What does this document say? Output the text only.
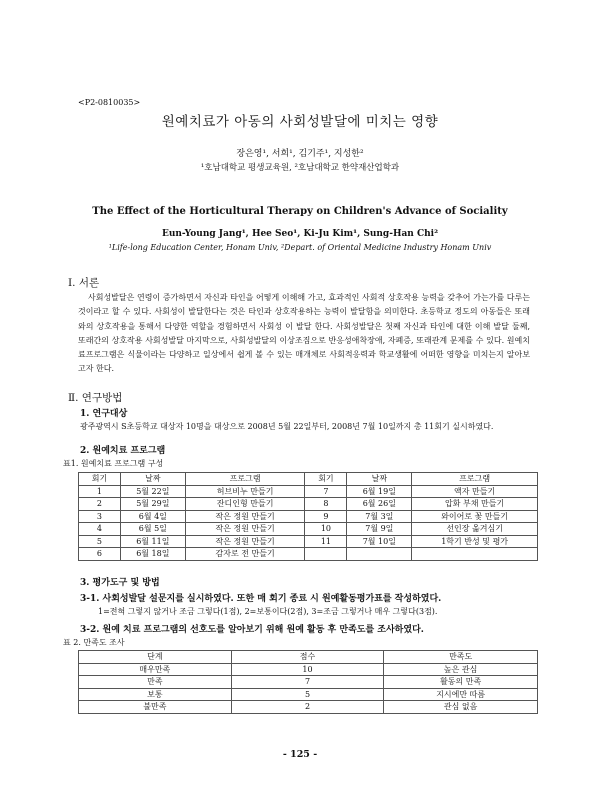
<P2-0810035>
원예치료가 아동의 사회성발달에 미치는 영향
장은영¹, 서희¹, 김기주¹, 지성한²
¹호남대학교 평생교육원, ²호남대학교 한약재산업학과
The Effect of the Horticultural Therapy on Children's Advance of Sociality
Eun-Young Jang¹, Hee Seo¹, Ki-Ju Kim¹, Sung-Han Chi²
¹Life-long Education Center, Honam Univ, ²Depart. of Oriental Medicine Industry Honam Univ
Ⅰ. 서론
사회성발달은 연령이 증가하면서 자신과 타인을 어떻게 이해해 가고, 효과적인 사회적 상호작용 능력을 갖추어 가는가를 다루는 것이라고 할 수 있다. 사회성이 발달한다는 것은 타인과 상호작용하는 능력이 발달함을 의미한다. 초등학교 정도의 아동들은 또래와의 상호작용을 통해서 다양한 역할을 경험하면서 사회성 이 발달 한다. 사회성발달은 첫째 자신과 타인에 대한 이해 발달 둘째, 또래간의 상호작용 사회성발달 마지막으로, 사회성발달의 이상조짐으로 반응성애착장애, 자폐증, 또래관계 문제를 수 있다. 원예치료프로그램은 식물이라는 다양하고 일상에서 쉽게 볼 수 있는 매개체로 사회적응력과 학교생활에 어떠한 영향을 미치는지 알아보고자 한다.
Ⅱ. 연구방법
1. 연구대상
광주광역시 S초등학교 대상자 10명을 대상으로 2008년 5월 22일부터, 2008년 7월 10일까지 총 11회기 실시하였다.
2. 원예치료 프로그램
표1. 원예치료 프로그램 구성
회기	날짜	프로그램	회기	날짜	프로그램
1	5월 22일	허브비누 만들기	7	6월 19일	액자 만들기
2	5월 29일	잔디인형 만들기	8	6월 26일	압화 부채 만들기
3	6월 4일	작은 정원 만들기	9	7월 3일	와이어로 꽃 만들기
4	6월 5일	작은 정원 만들기	10	7월 9일	선인장 옮겨심기
5	6월 11일	작은 정원 만들기	11	7월 10일	1학기 반성 및 평가
6	6월 18일	감자로 전 만들기			
3. 평가도구 및 방법
3-1. 사회성발달 설문지를 실시하였다. 또한 매 회기 종료 시 원예활동평가표를 작성하였다.
1=전혀 그렇지 않거나 조금 그렇다(1점), 2=보통이다(2점), 3=조금 그렇거나 매우 그렇다(3점).
3-2. 원예 치료 프로그램의 선호도를 알아보기 위해 원예 활동 후 만족도를 조사하였다.
표 2. 만족도 조사
단계	점수	만족도
매우만족	10	높은 관심
만족	7	활동의 만족
보통	5	지시에만 따름
불만족	2	관심 없음
- 125 -
